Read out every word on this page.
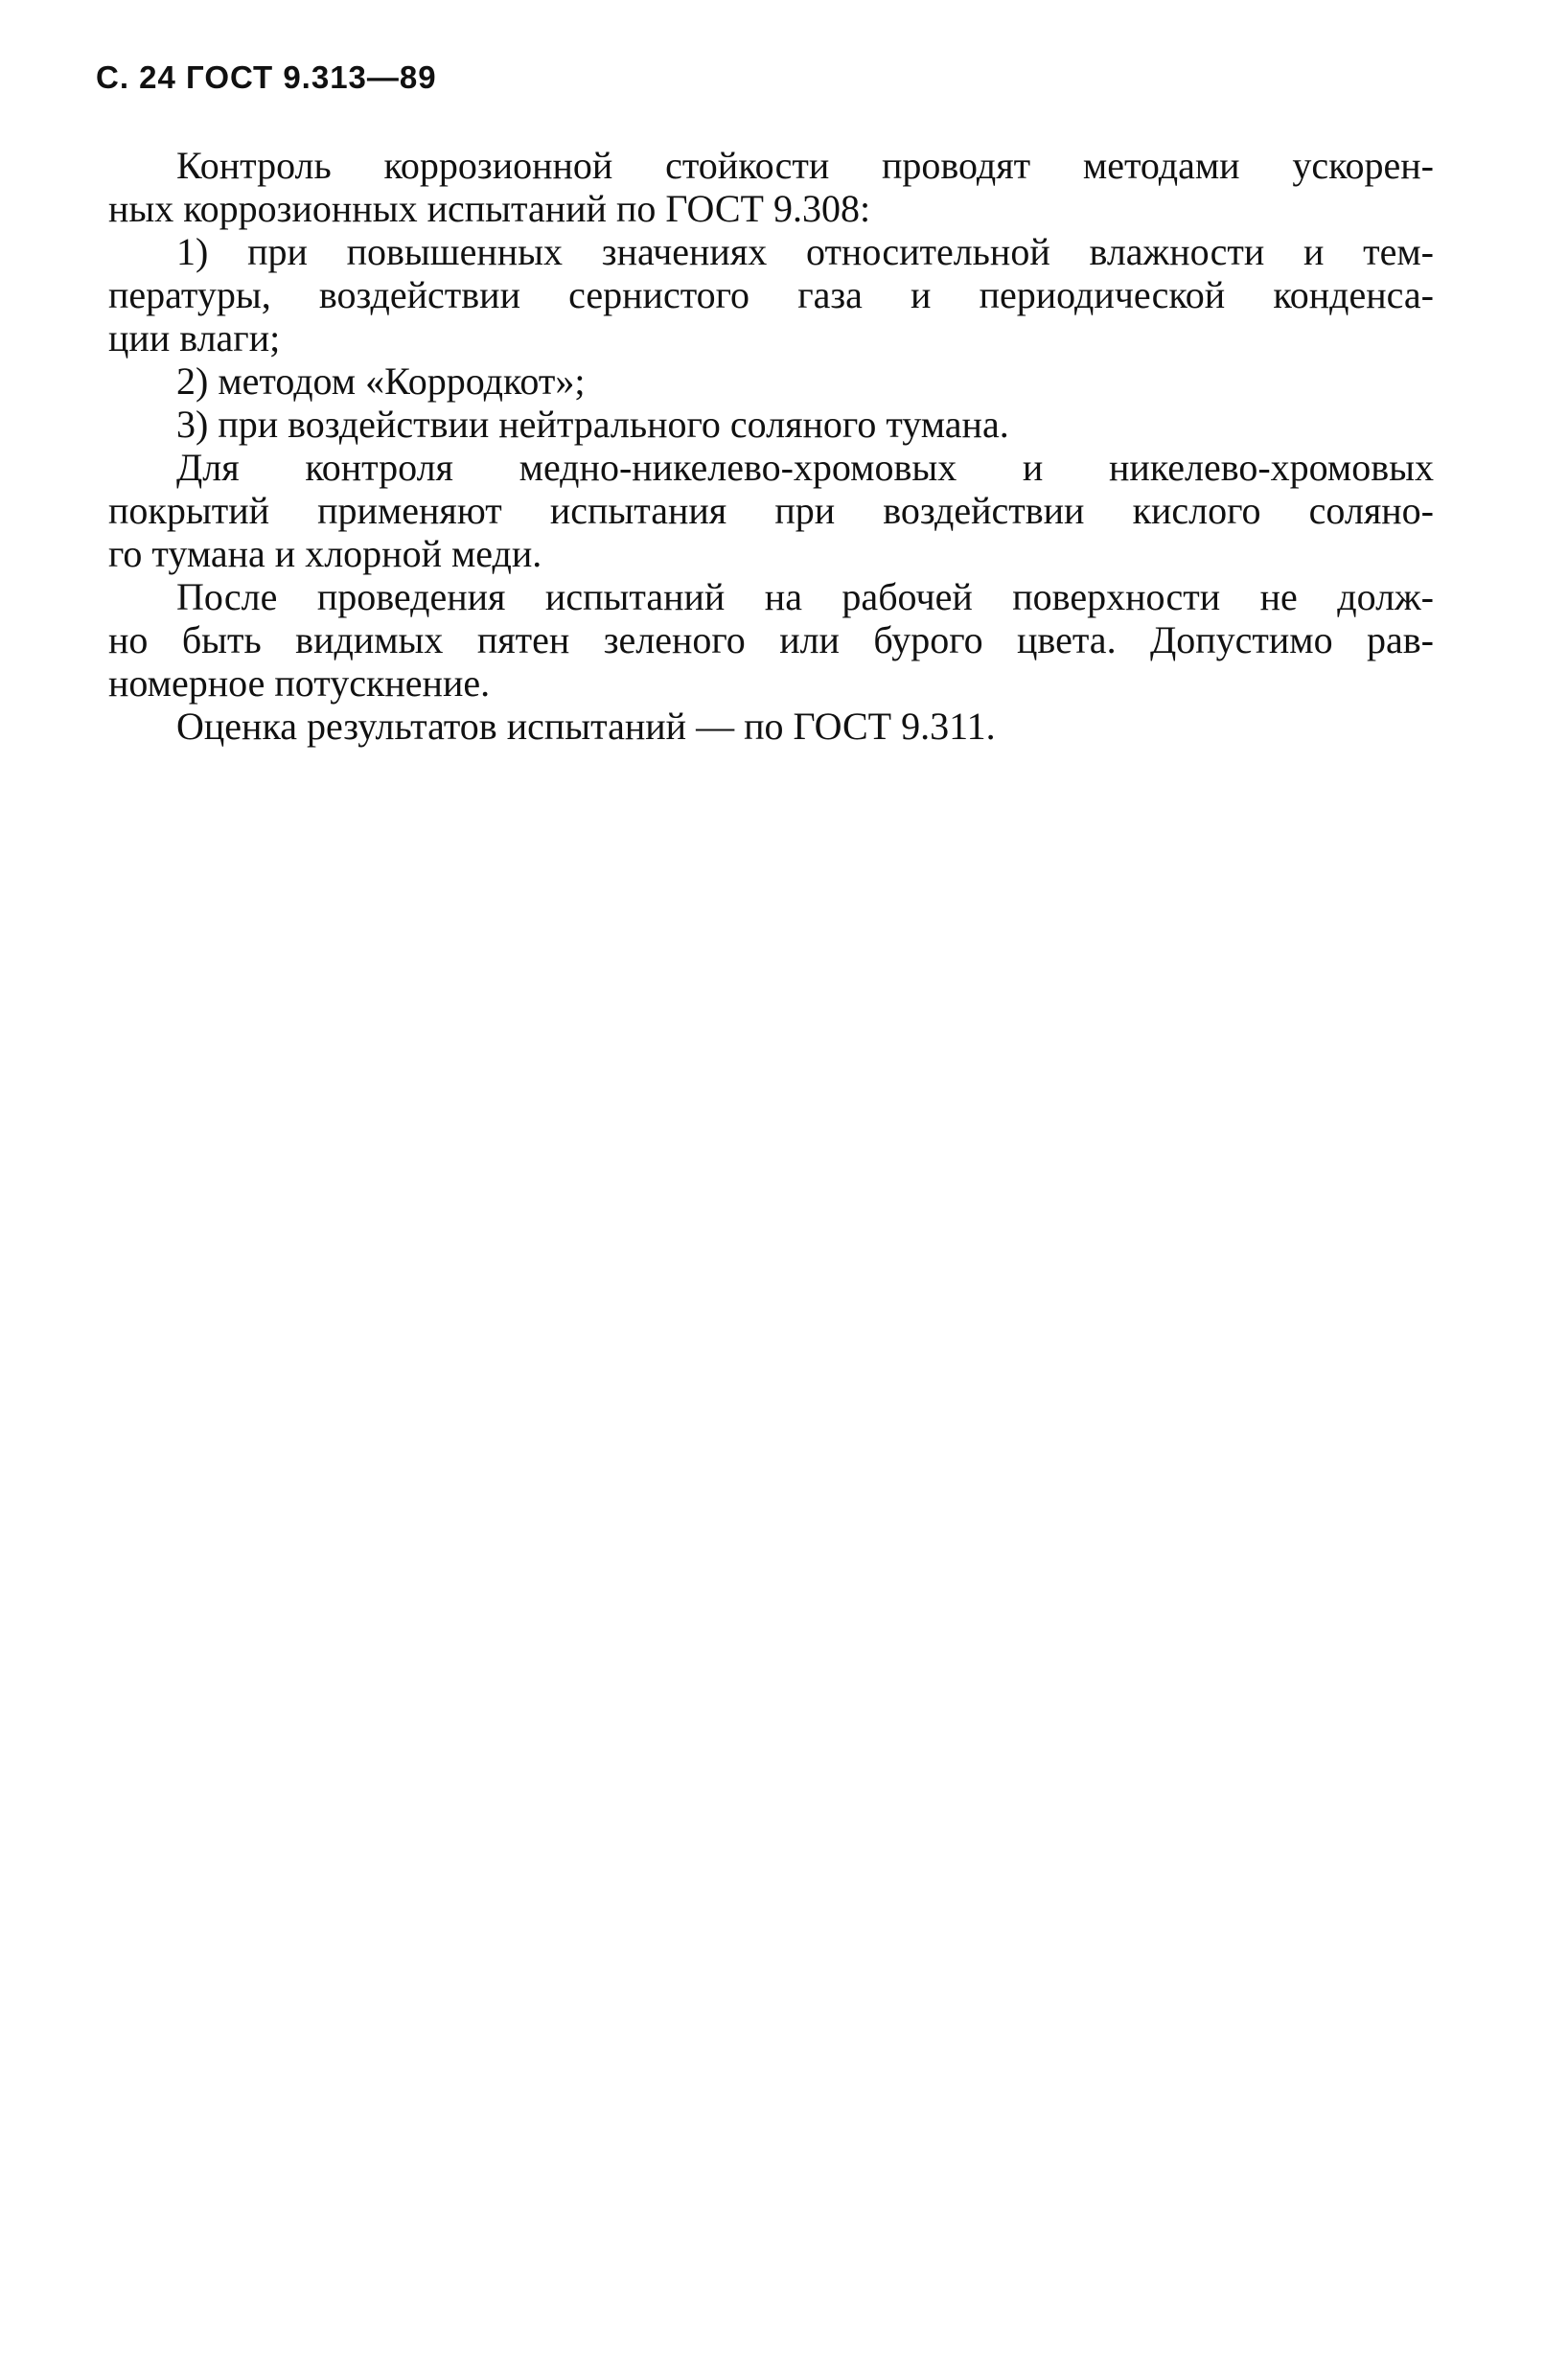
С. 24 ГОСТ 9.313—89
Контроль коррозионной стойкости проводят методами ускорен-
ных коррозионных испытаний по ГОСТ 9.308:
1) при повышенных значениях относительной влажности и тем-
пературы, воздействии сернистого газа и периодической конденса-
ции влаги;
2) методом «Корродкот»;
3) при воздействии нейтрального соляного тумана.
Для контроля медно-никелево-хромовых и никелево-хромовых
покрытий применяют испытания при воздействии кислого соляно-
го тумана и хлорной меди.
После проведения испытаний на рабочей поверхности не долж-
но быть видимых пятен зеленого или бурого цвета. Допустимо рав-
номерное потускнение.
Оценка результатов испытаний — по ГОСТ 9.311.
